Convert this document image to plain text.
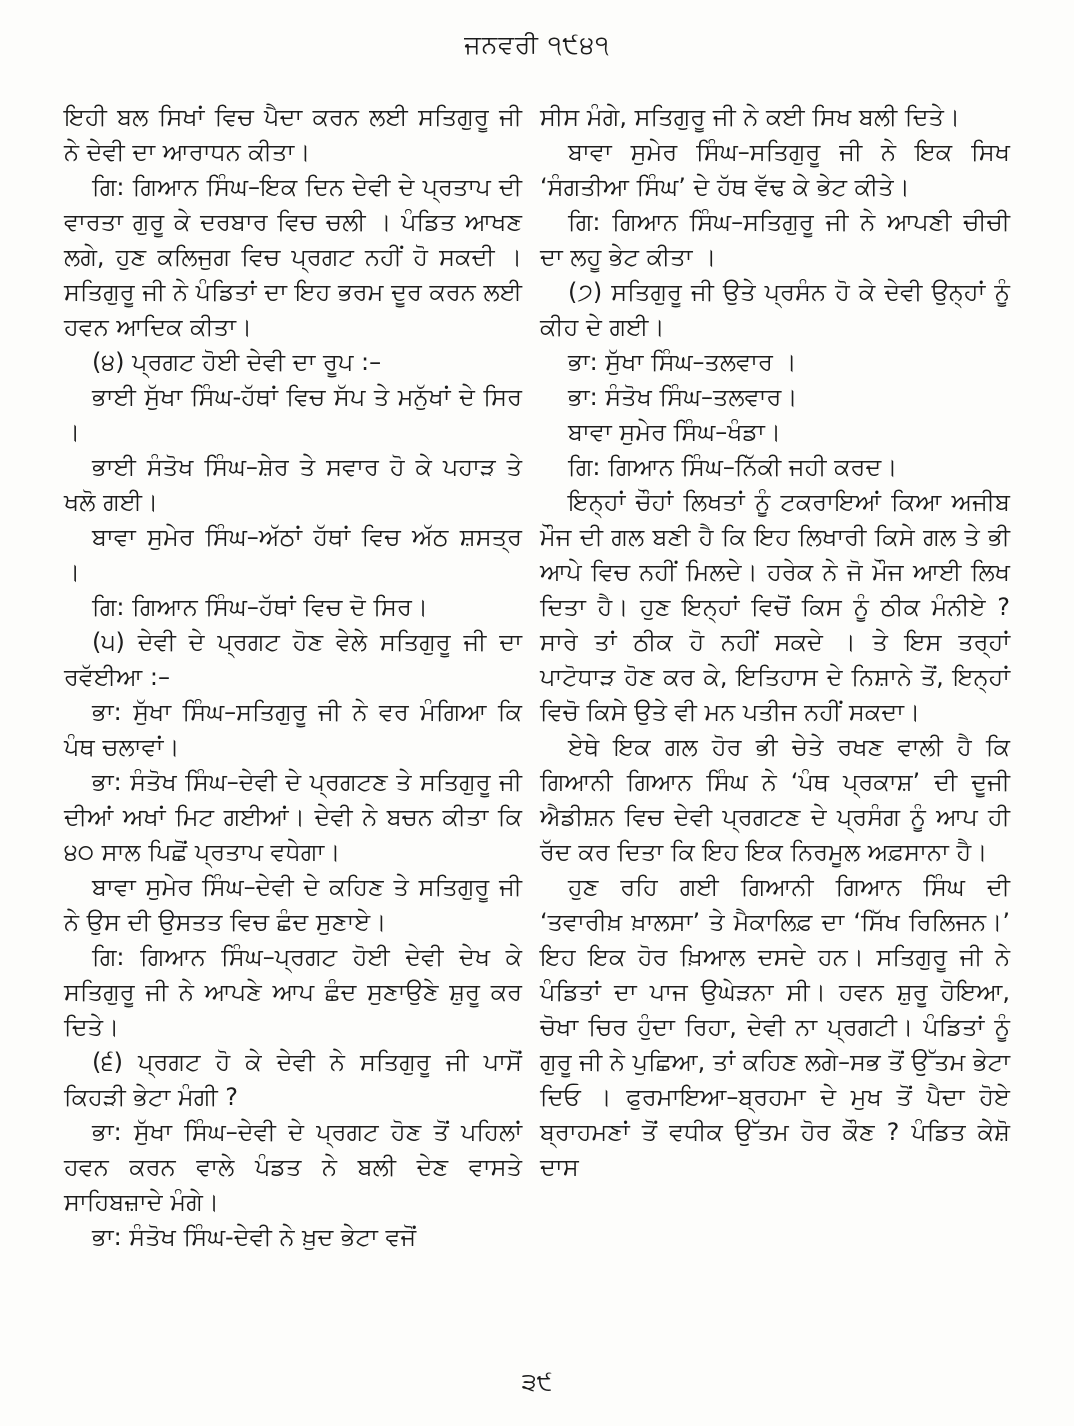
ਜਨਵਰੀ ੧੯੪੧

ਇਹੀ ਬਲ ਸਿਖਾਂ ਵਿਚ ਪੈਦਾ ਕਰਨ ਲਈ ਸਤਿਗੁਰੂ ਜੀ ਨੇ ਦੇਵੀ ਦਾ ਆਰਾਧਨ ਕੀਤਾ।

ਗਿ: ਗਿਆਨ ਸਿੰਘ–ਇਕ ਦਿਨ ਦੇਵੀ ਦੇ ਪ੍ਰਤਾਪ ਦੀ ਵਾਰਤਾ ਗੁਰੂ ਕੇ ਦਰਬਾਰ ਵਿਚ ਚਲੀ । ਪੰਡਿਤ ਆਖਣ ਲਗੇ, ਹੁਣ ਕਲਿਜੁਗ ਵਿਚ ਪ੍ਰਗਟ ਨਹੀਂ ਹੋ ਸਕਦੀ । ਸਤਿਗੁਰੂ ਜੀ ਨੇ ਪੰਡਿਤਾਂ ਦਾ ਇਹ ਭਰਮ ਦੂਰ ਕਰਨ ਲਈ ਹਵਨ ਆਦਿਕ ਕੀਤਾ।

(੪) ਪ੍ਰਗਟ ਹੋਈ ਦੇਵੀ ਦਾ ਰੂਪ :–

ਭਾਈ ਸੁੱਖਾ ਸਿੰਘ-ਹੱਥਾਂ ਵਿਚ ਸੱਪ ਤੇ ਮਨੁੱਖਾਂ ਦੇ ਸਿਰ ।

ਭਾਈ ਸੰਤੋਖ ਸਿੰਘ–ਸ਼ੇਰ ਤੇ ਸਵਾਰ ਹੋ ਕੇ ਪਹਾੜ ਤੇ ਖਲੋ ਗਈ।

ਬਾਵਾ ਸੁਮੇਰ ਸਿੰਘ–ਅੱਠਾਂ ਹੱਥਾਂ ਵਿਚ ਅੱਠ ਸ਼ਸਤ੍ਰ ।

ਗਿ: ਗਿਆਨ ਸਿੰਘ–ਹੱਥਾਂ ਵਿਚ ਦੋ ਸਿਰ।

(੫) ਦੇਵੀ ਦੇ ਪ੍ਰਗਟ ਹੋਣ ਵੇਲੇ ਸਤਿਗੁਰੂ ਜੀ ਦਾ ਰਵੱਈਆ :–

ਭਾ: ਸੁੱਖਾ ਸਿੰਘ–ਸਤਿਗੁਰੂ ਜੀ ਨੇ ਵਰ ਮੰਗਿਆ ਕਿ ਪੰਥ ਚਲਾਵਾਂ।

ਭਾ: ਸੰਤੋਖ ਸਿੰਘ–ਦੇਵੀ ਦੇ ਪ੍ਰਗਟਣ ਤੇ ਸਤਿਗੁਰੂ ਜੀ ਦੀਆਂ ਅਖਾਂ ਮਿਟ ਗਈਆਂ। ਦੇਵੀ ਨੇ ਬਚਨ ਕੀਤਾ ਕਿ ੪੦ ਸਾਲ ਪਿਛੋਂ ਪ੍ਰਤਾਪ ਵਧੇਗਾ।

ਬਾਵਾ ਸੁਮੇਰ ਸਿੰਘ–ਦੇਵੀ ਦੇ ਕਹਿਣ ਤੇ ਸਤਿਗੁਰੂ ਜੀ ਨੇ ਉਸ ਦੀ ਉਸਤਤ ਵਿਚ ਛੰਦ ਸੁਣਾਏ।

ਗਿ: ਗਿਆਨ ਸਿੰਘ–ਪ੍ਰਗਟ ਹੋਈ ਦੇਵੀ ਦੇਖ ਕੇ ਸਤਿਗੁਰੂ ਜੀ ਨੇ ਆਪਣੇ ਆਪ ਛੰਦ ਸੁਣਾਉਣੇ ਸ਼ੁਰੂ ਕਰ ਦਿਤੇ।

(੬) ਪ੍ਰਗਟ ਹੋ ਕੇ ਦੇਵੀ ਨੇ ਸਤਿਗੁਰੂ ਜੀ ਪਾਸੋਂ ਕਿਹੜੀ ਭੇਟਾ ਮੰਗੀ ?

ਭਾ: ਸੁੱਖਾ ਸਿੰਘ–ਦੇਵੀ ਦੇ ਪ੍ਰਗਟ ਹੋਣ ਤੋਂ ਪਹਿਲਾਂ ਹਵਨ ਕਰਨ ਵਾਲੇ ਪੰਡਤ ਨੇ ਬਲੀ ਦੇਣ ਵਾਸਤੇ ਸਾਹਿਬਜ਼ਾਦੇ ਮੰਗੇ।

ਭਾ: ਸੰਤੋਖ ਸਿੰਘ-ਦੇਵੀ ਨੇ ਖ਼ੁਦ ਭੇਟਾ ਵਜੋਂ

ਸੀਸ ਮੰਗੇ, ਸਤਿਗੁਰੂ ਜੀ ਨੇ ਕਈ ਸਿਖ ਬਲੀ ਦਿਤੇ।

ਬਾਵਾ ਸੁਮੇਰ ਸਿੰਘ–ਸਤਿਗੁਰੂ ਜੀ ਨੇ ਇਕ ਸਿਖ ‘ਸੰਗਤੀਆ ਸਿੰਘ’ ਦੇ ਹੱਥ ਵੱਢ ਕੇ ਭੇਟ ਕੀਤੇ।

ਗਿ: ਗਿਆਨ ਸਿੰਘ–ਸਤਿਗੁਰੂ ਜੀ ਨੇ ਆਪਣੀ ਚੀਚੀ ਦਾ ਲਹੂ ਭੇਟ ਕੀਤਾ ।

(੭) ਸਤਿਗੁਰੂ ਜੀ ਉਤੇ ਪ੍ਰਸੰਨ ਹੋ ਕੇ ਦੇਵੀ ਉਨ੍ਹਾਂ ਨੂੰ ਕੀਹ ਦੇ ਗਈ।

ਭਾ: ਸੁੱਖਾ ਸਿੰਘ–ਤਲਵਾਰ ।

ਭਾ: ਸੰਤੋਖ ਸਿੰਘ–ਤਲਵਾਰ।

ਬਾਵਾ ਸੁਮੇਰ ਸਿੰਘ–ਖੰਡਾ।

ਗਿ: ਗਿਆਨ ਸਿੰਘ–ਨਿੱਕੀ ਜਹੀ ਕਰਦ।

ਇਨ੍ਹਾਂ ਚੌਹਾਂ ਲਿਖਤਾਂ ਨੂੰ ਟਕਰਾਇਆਂ ਕਿਆ ਅਜੀਬ ਮੌਜ ਦੀ ਗਲ ਬਣੀ ਹੈ ਕਿ ਇਹ ਲਿਖਾਰੀ ਕਿਸੇ ਗਲ ਤੇ ਭੀ ਆਪੇ ਵਿਚ ਨਹੀਂ ਮਿਲਦੇ। ਹਰੇਕ ਨੇ ਜੋ ਮੌਜ ਆਈ ਲਿਖ ਦਿਤਾ ਹੈ। ਹੁਣ ਇਨ੍ਹਾਂ ਵਿਚੋਂ ਕਿਸ ਨੂੰ ਠੀਕ ਮੰਨੀਏ ? ਸਾਰੇ ਤਾਂ ਠੀਕ ਹੋ ਨਹੀਂ ਸਕਦੇ । ਤੇ ਇਸ ਤਰ੍ਹਾਂ ਪਾਟੋਧਾੜ ਹੋਣ ਕਰ ਕੇ, ਇਤਿਹਾਸ ਦੇ ਨਿਸ਼ਾਨੇ ਤੋਂ, ਇਨ੍ਹਾਂ ਵਿਚੋ ਕਿਸੇ ਉਤੇ ਵੀ ਮਨ ਪਤੀਜ ਨਹੀਂ ਸਕਦਾ।

ਏਥੇ ਇਕ ਗਲ ਹੋਰ ਭੀ ਚੇਤੇ ਰਖਣ ਵਾਲੀ ਹੈ ਕਿ ਗਿਆਨੀ ਗਿਆਨ ਸਿੰਘ ਨੇ ‘ਪੰਥ ਪ੍ਰਕਾਸ਼’ ਦੀ ਦੂਜੀ ਐਡੀਸ਼ਨ ਵਿਚ ਦੇਵੀ ਪ੍ਰਗਟਣ ਦੇ ਪ੍ਰਸੰਗ ਨੂੰ ਆਪ ਹੀ ਰੱਦ ਕਰ ਦਿਤਾ ਕਿ ਇਹ ਇਕ ਨਿਰਮੂਲ ਅਫ਼ਸਾਨਾ ਹੈ।

ਹੁਣ ਰਹਿ ਗਈ ਗਿਆਨੀ ਗਿਆਨ ਸਿੰਘ ਦੀ ‘ਤਵਾਰੀਖ਼ ਖ਼ਾਲਸਾ’ ਤੇ ਮੈਕਾਲਿਫ਼ ਦਾ ‘ਸਿੱਖ ਰਿਲਿਜਨ।’ ਇਹ ਇਕ ਹੋਰ ਖ਼ਿਆਲ ਦਸਦੇ ਹਨ। ਸਤਿਗੁਰੂ ਜੀ ਨੇ ਪੰਡਿਤਾਂ ਦਾ ਪਾਜ ਉਘੇੜਨਾ ਸੀ। ਹਵਨ ਸ਼ੁਰੂ ਹੋਇਆ, ਚੋਖਾ ਚਿਰ ਹੁੰਦਾ ਰਿਹਾ, ਦੇਵੀ ਨਾ ਪ੍ਰਗਟੀ। ਪੰਡਿਤਾਂ ਨੂੰ ਗੁਰੂ ਜੀ ਨੇ ਪੁਛਿਆ, ਤਾਂ ਕਹਿਣ ਲਗੇ–ਸਭ ਤੋਂ ਉੱਤਮ ਭੇਟਾ ਦਿਓ । ਫੁਰਮਾਇਆ–ਬ੍ਰਹਮਾ ਦੇ ਮੁਖ ਤੋਂ ਪੈਦਾ ਹੋਏ ਬ੍ਰਾਹਮਣਾਂ ਤੋਂ ਵਧੀਕ ਉੱਤਮ ਹੋਰ ਕੌਣ ? ਪੰਡਿਤ ਕੇਸ਼ੋ ਦਾਸ

੩੯
